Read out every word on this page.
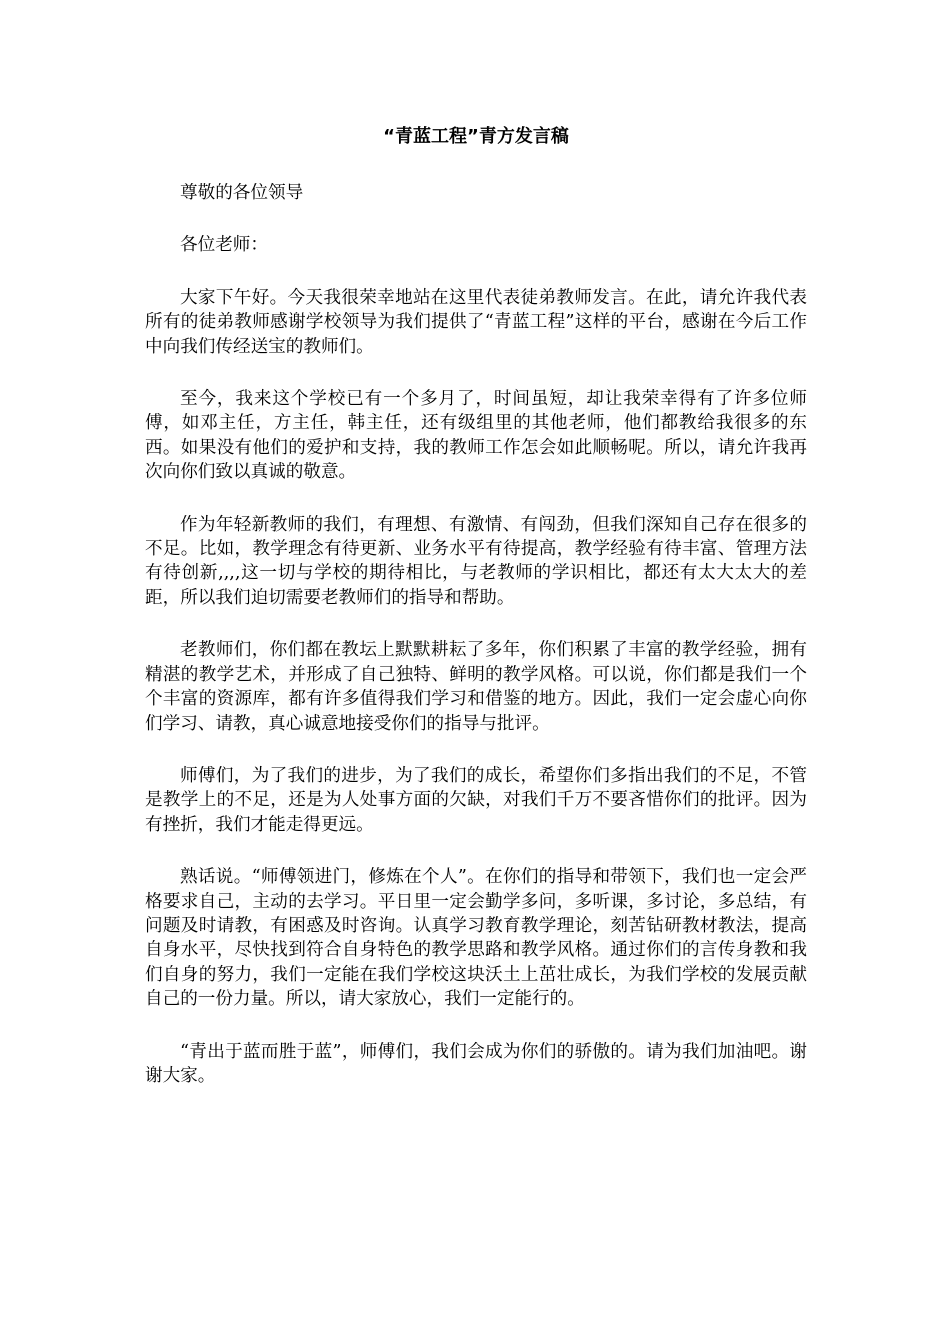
“青蓝工程”青方发言稿

尊敬的各位领导

各位老师：

大家下午好。今天我很荣幸地站在这里代表徒弟教师发言。在此，请允许我代表所有的徒弟教师感谢学校领导为我们提供了“青蓝工程”这样的平台，感谢在今后工作中向我们传经送宝的教师们。

至今，我来这个学校已有一个多月了，时间虽短，却让我荣幸得有了许多位师傅，如邓主任，方主任，韩主任，还有级组里的其他老师，他们都教给我很多的东西。如果没有他们的爱护和支持，我的教师工作怎会如此顺畅呢。所以，请允许我再次向你们致以真诚的敬意。

作为年轻新教师的我们，有理想、有激情、有闯劲，但我们深知自己存在很多的不足。比如，教学理念有待更新、业务水平有待提高，教学经验有待丰富、管理方法有待创新,,,,这一切与学校的期待相比，与老教师的学识相比，都还有太大太大的差距，所以我们迫切需要老教师们的指导和帮助。

老教师们，你们都在教坛上默默耕耘了多年，你们积累了丰富的教学经验，拥有精湛的教学艺术，并形成了自己独特、鲜明的教学风格。可以说，你们都是我们一个个丰富的资源库，都有许多值得我们学习和借鉴的地方。因此，我们一定会虚心向你们学习、请教，真心诚意地接受你们的指导与批评。

师傅们，为了我们的进步，为了我们的成长，希望你们多指出我们的不足，不管是教学上的不足，还是为人处事方面的欠缺，对我们千万不要吝惜你们的批评。因为有挫折，我们才能走得更远。

熟话说。“师傅领进门，修炼在个人”。在你们的指导和带领下，我们也一定会严格要求自己，主动的去学习。平日里一定会勤学多问，多听课，多讨论，多总结，有问题及时请教，有困惑及时咨询。认真学习教育教学理论，刻苦钻研教材教法，提高自身水平，尽快找到符合自身特色的教学思路和教学风格。通过你们的言传身教和我们自身的努力，我们一定能在我们学校这块沃土上茁壮成长，为我们学校的发展贡献自己的一份力量。所以，请大家放心，我们一定能行的。

“青出于蓝而胜于蓝”，师傅们，我们会成为你们的骄傲的。请为我们加油吧。谢谢大家。
